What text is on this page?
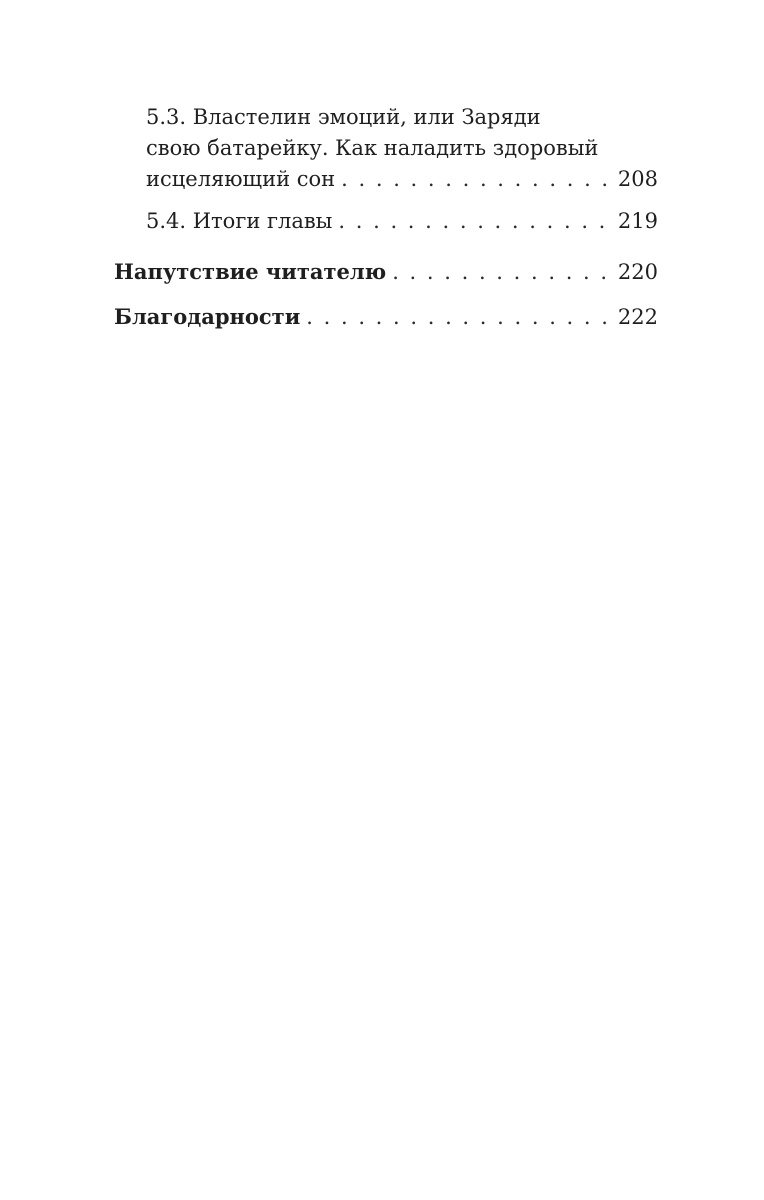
5.3. Властелин эмоций, или Заряди
свою батарейку. Как наладить здоровый
исцеляющий сон . . .	208
5.4. Итоги главы . . .	219
Напутствие читателю . . .	220
Благодарности . . .	222
